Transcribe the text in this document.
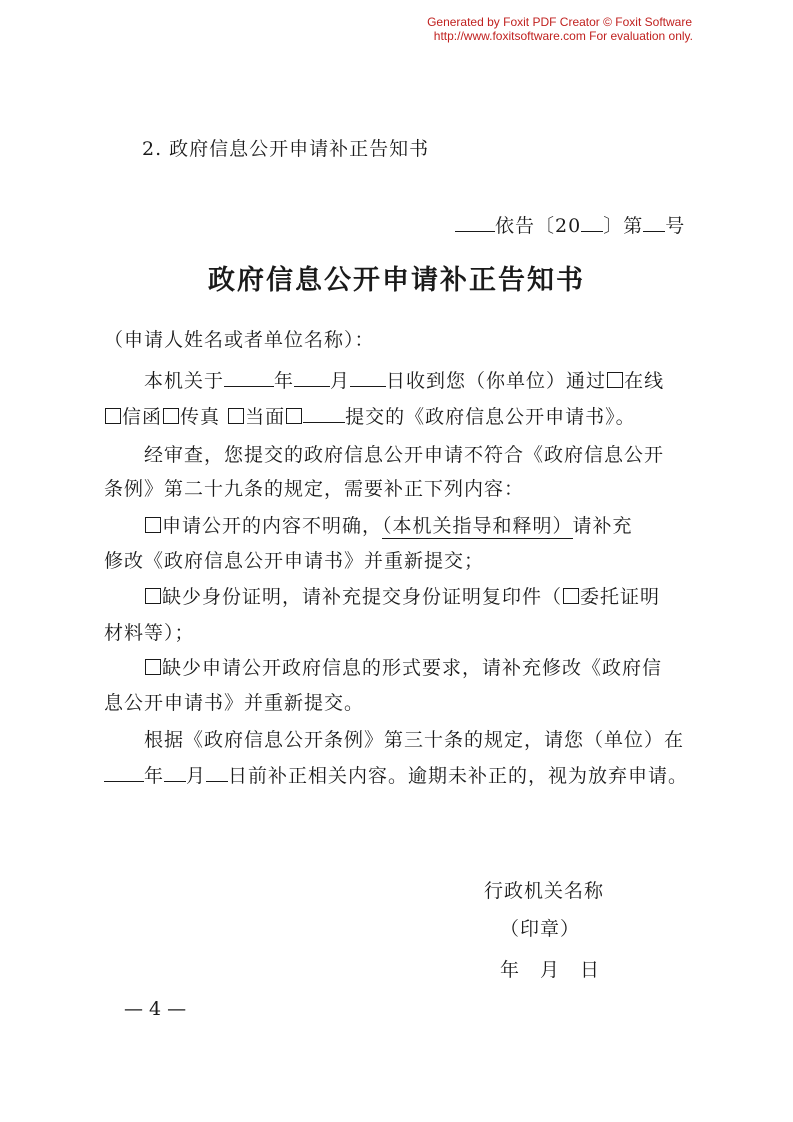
Generated by Foxit PDF Creator © Foxit Software
http://www.foxitsoftware.com For evaluation only.
2. 政府信息公开申请补正告知书
依告〔20 〕第 号
政府信息公开申请补正告知书
（申请人姓名或者单位名称）：
本机关于	年 月 日收到您（你单位）通过 在线
信函 传真 当面	提交的《政府信息公开申请书》。
经审查，您提交的政府信息公开申请不符合《政府信息公开
条例》第二十九条的规定，需要补正下列内容：
申请公开的内容不明确，（本机关指导和释明）请补充
修改《政府信息公开申请书》并重新提交；
缺少身份证明，请补充提交身份证明复印件（ 委托证明
材料等）；
缺少申请公开政府信息的形式要求，请补充修改《政府信
息公开申请书》并重新提交。
根据《政府信息公开条例》第三十条的规定，请您（单位）在
年 月 日前补正相关内容。逾期未补正的，视为放弃申请。
行政机关名称
（印章）
年　月　日
— 4 —
